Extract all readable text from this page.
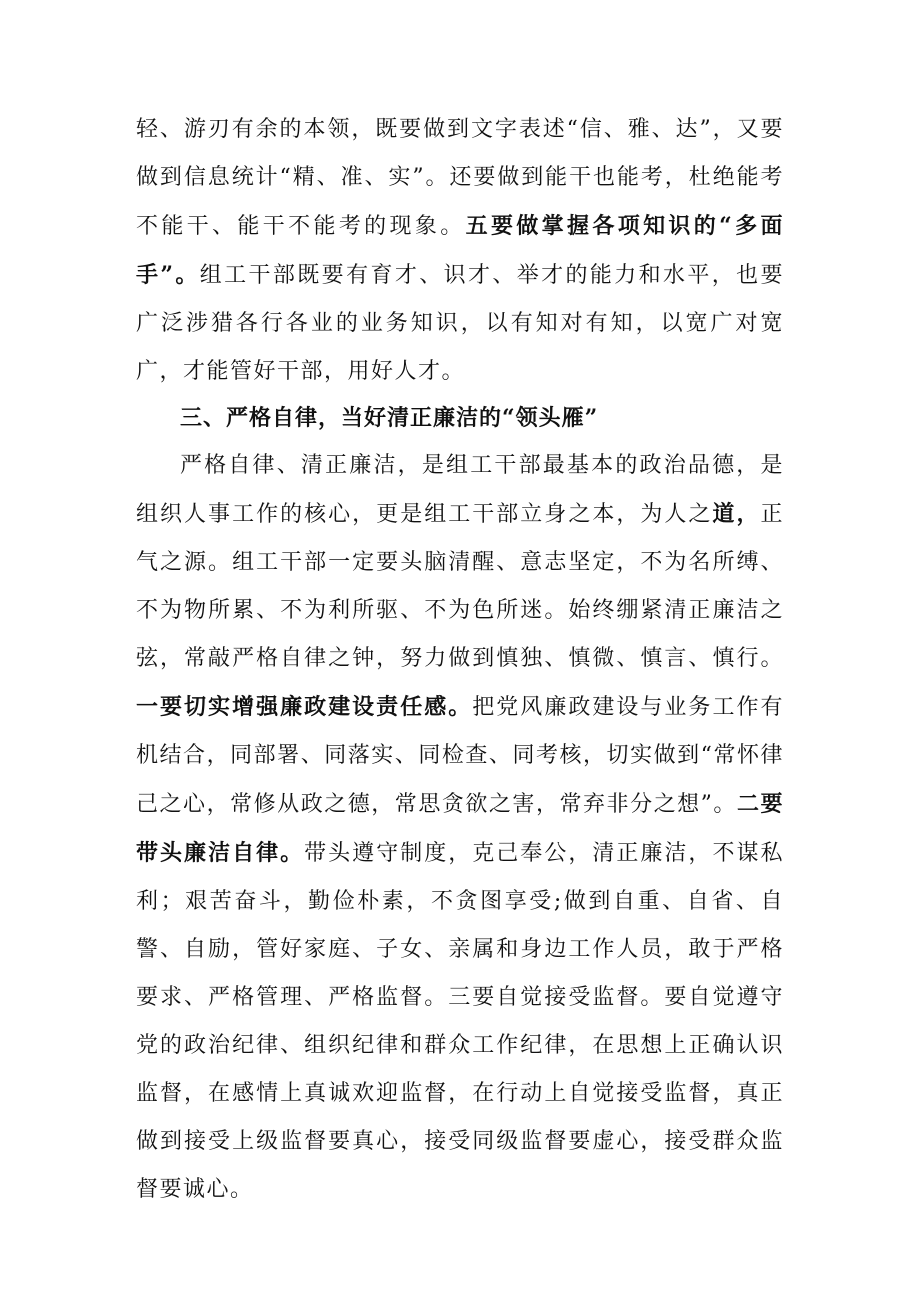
轻、游刃有余的本领，既要做到文字表述“信、雅、达”，又要做到信息统计“精、准、实”。还要做到能干也能考，杜绝能考不能干、能干不能考的现象。五要做掌握各项知识的“多面手”。组工干部既要有育才、识才、举才的能力和水平，也要广泛涉猎各行各业的业务知识，以有知对有知，以宽广对宽广，才能管好干部，用好人才。

三、严格自律，当好清正廉洁的“领头雁”

严格自律、清正廉洁，是组工干部最基本的政治品德，是组织人事工作的核心，更是组工干部立身之本，为人之道，正气之源。组工干部一定要头脑清醒、意志坚定，不为名所缚、不为物所累、不为利所驱、不为色所迷。始终绷紧清正廉洁之弦，常敲严格自律之钟，努力做到慎独、慎微、慎言、慎行。一要切实增强廉政建设责任感。把党风廉政建设与业务工作有机结合，同部署、同落实、同检查、同考核，切实做到“常怀律己之心，常修从政之德，常思贪欲之害，常弃非分之想”。二要带头廉洁自律。带头遵守制度，克己奉公，清正廉洁，不谋私利；艰苦奋斗，勤俭朴素，不贪图享受;做到自重、自省、自警、自励，管好家庭、子女、亲属和身边工作人员，敢于严格要求、严格管理、严格监督。三要自觉接受监督。要自觉遵守党的政治纪律、组织纪律和群众工作纪律，在思想上正确认识监督，在感情上真诚欢迎监督，在行动上自觉接受监督，真正做到接受上级监督要真心，接受同级监督要虚心，接受群众监督要诚心。
